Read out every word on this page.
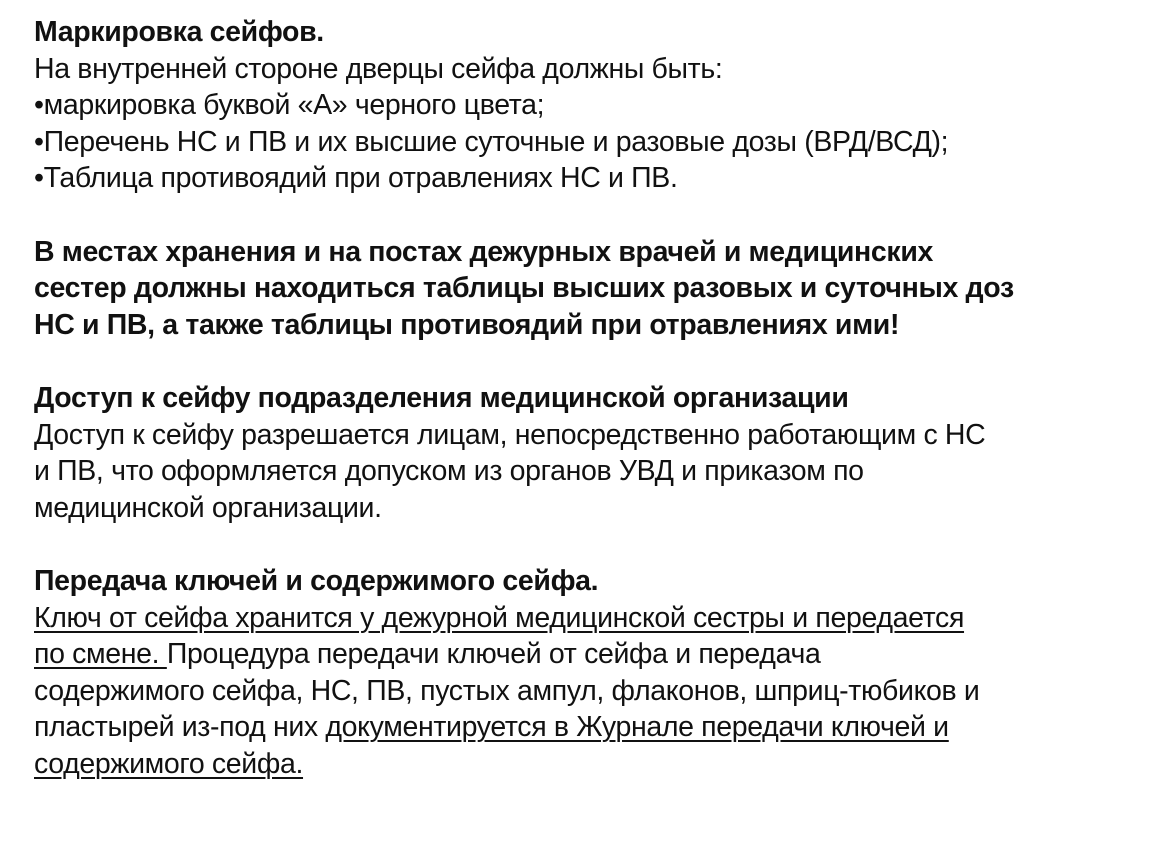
Маркировка сейфов.
На внутренней стороне дверцы сейфа должны быть:
•маркировка буквой «А» черного цвета;
•Перечень НС и ПВ и их высшие суточные и разовые дозы (ВРД/ВСД);
•Таблица противоядий при отравлениях НС и ПВ.
В местах хранения и на постах дежурных врачей и медицинских
сестер должны находиться таблицы высших разовых и суточных доз
НС и ПВ, а также таблицы противоядий при отравлениях ими!
Доступ к сейфу подразделения медицинской организации
Доступ к сейфу разрешается лицам, непосредственно работающим с НС
и ПВ, что оформляется допуском из органов УВД и приказом по
медицинской организации.
Передача ключей и содержимого сейфа.
Ключ от сейфа хранится у дежурной медицинской сестры и передается
по смене. Процедура передачи ключей от сейфа и передача
содержимого сейфа, НС, ПВ, пустых ампул, флаконов, шприц-тюбиков и
пластырей из-под них документируется в Журнале передачи ключей и
содержимого сейфа.
